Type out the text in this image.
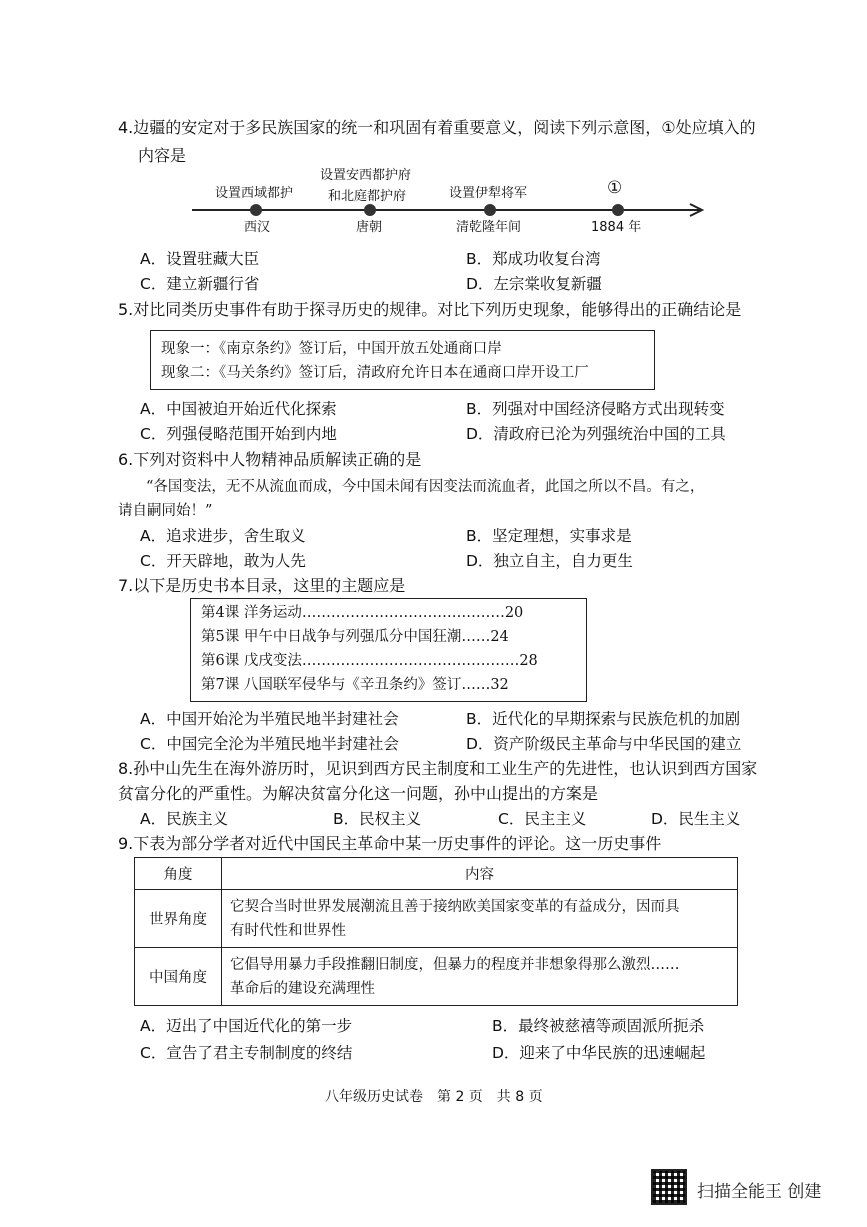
4.边疆的安定对于多民族国家的统一和巩固有着重要意义，阅读下列示意图，①处应填入的
内容是
设置西域都护
设置安西都护府
和北庭都护府	设置伊犁将军	①
西汉	唐朝	清乾隆年间	1884 年
A．设置驻藏大臣	B．郑成功收复台湾
C．建立新疆行省	D．左宗棠收复新疆
5.对比同类历史事件有助于探寻历史的规律。对比下列历史现象，能够得出的正确结论是
现象一：《南京条约》签订后，中国开放五处通商口岸
现象二：《马关条约》签订后，清政府允许日本在通商口岸开设工厂
A．中国被迫开始近代化探索	B．列强对中国经济侵略方式出现转变
C．列强侵略范围开始到内地	D．清政府已沦为列强统治中国的工具
6.下列对资料中人物精神品质解读正确的是
“各国变法，无不从流血而成，今中国未闻有因变法而流血者，此国之所以不昌。有之，
请自嗣同始！”
A．追求进步，舍生取义	B．坚定理想，实事求是
C．开天辟地，敢为人先	D．独立自主，自力更生
7.以下是历史书本目录，这里的主题应是
第4课 洋务运动……………………………………20
第5课 甲午中日战争与列强瓜分中国狂潮……24
第6课 戊戌变法………………………………………28
第7课 八国联军侵华与《辛丑条约》签订……32
A．中国开始沦为半殖民地半封建社会	B．近代化的早期探索与民族危机的加剧
C．中国完全沦为半殖民地半封建社会	D．资产阶级民主革命与中华民国的建立
8.孙中山先生在海外游历时，见识到西方民主制度和工业生产的先进性，也认识到西方国家
贫富分化的严重性。为解决贫富分化这一问题，孙中山提出的方案是
A．民族主义	B．民权主义	C．民主主义	D．民生主义
9.下表为部分学者对近代中国民主革命中某一历史事件的评论。这一历史事件
角度	内容
世界角度	它契合当时世界发展潮流且善于接纳欧美国家变革的有益成分，因而具
有时代性和世界性

中国角度	它倡导用暴力手段推翻旧制度，但暴力的程度并非想象得那么激烈……
革命后的建设充满理性
A．迈出了中国近代化的第一步	B．最终被慈禧等顽固派所扼杀
C．宣告了君主专制制度的终结	D．迎来了中华民族的迅速崛起
八年级历史试卷　第 2 页　共 8 页
扫描全能王 创建
